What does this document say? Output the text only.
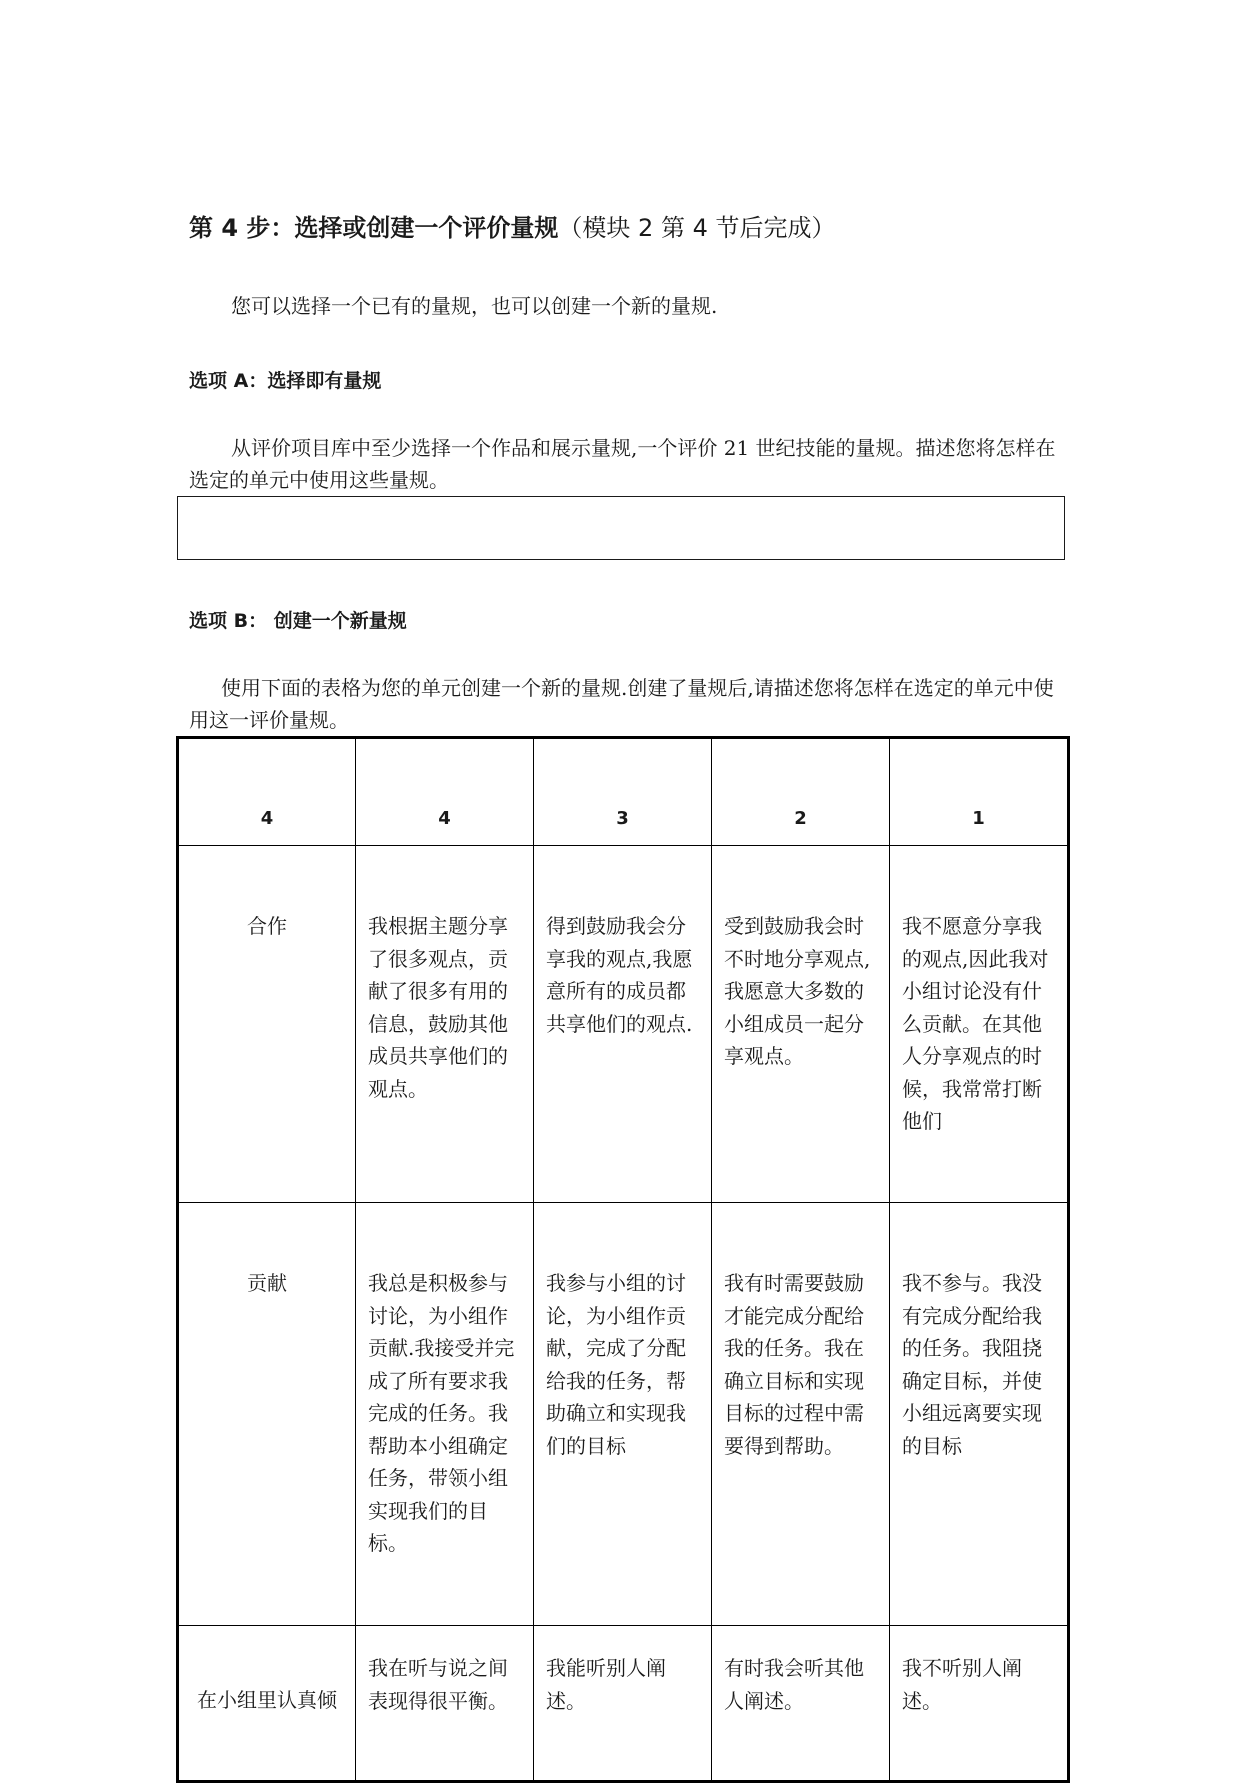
第 4 步：选择或创建一个评价量规（模块 2 第 4 节后完成）
您可以选择一个已有的量规，也可以创建一个新的量规.
选项 A：选择即有量规
从评价项目库中至少选择一个作品和展示量规,一个评价 21 世纪技能的量规。描述您将怎样在选定的单元中使用这些量规。
选项 B： 创建一个新量规
使用下面的表格为您的单元创建一个新的量规.创建了量规后,请描述您将怎样在选定的单元中使用这一评价量规。
4	4	3	2	1
合作	我根据主题分享了很多观点，贡献了很多有用的信息，鼓励其他成员共享他们的观点。	得到鼓励我会分享我的观点,我愿意所有的成员都共享他们的观点.	受到鼓励我会时不时地分享观点,我愿意大多数的小组成员一起分享观点。	我不愿意分享我的观点,因此我对小组讨论没有什么贡献。在其他人分享观点的时候，我常常打断他们
贡献	我总是积极参与讨论，为小组作贡献.我接受并完成了所有要求我完成的任务。我帮助本小组确定任务，带领小组实现我们的目标。	我参与小组的讨论，为小组作贡献，完成了分配给我的任务，帮助确立和实现我们的目标	我有时需要鼓励才能完成分配给我的任务。我在确立目标和实现目标的过程中需要得到帮助。	我不参与。我没有完成分配给我的任务。我阻挠确定目标，并使小组远离要实现的目标
在小组里认真倾	我在听与说之间表现得很平衡。	我能听别人阐述。	有时我会听其他人阐述。	我不听别人阐述。
